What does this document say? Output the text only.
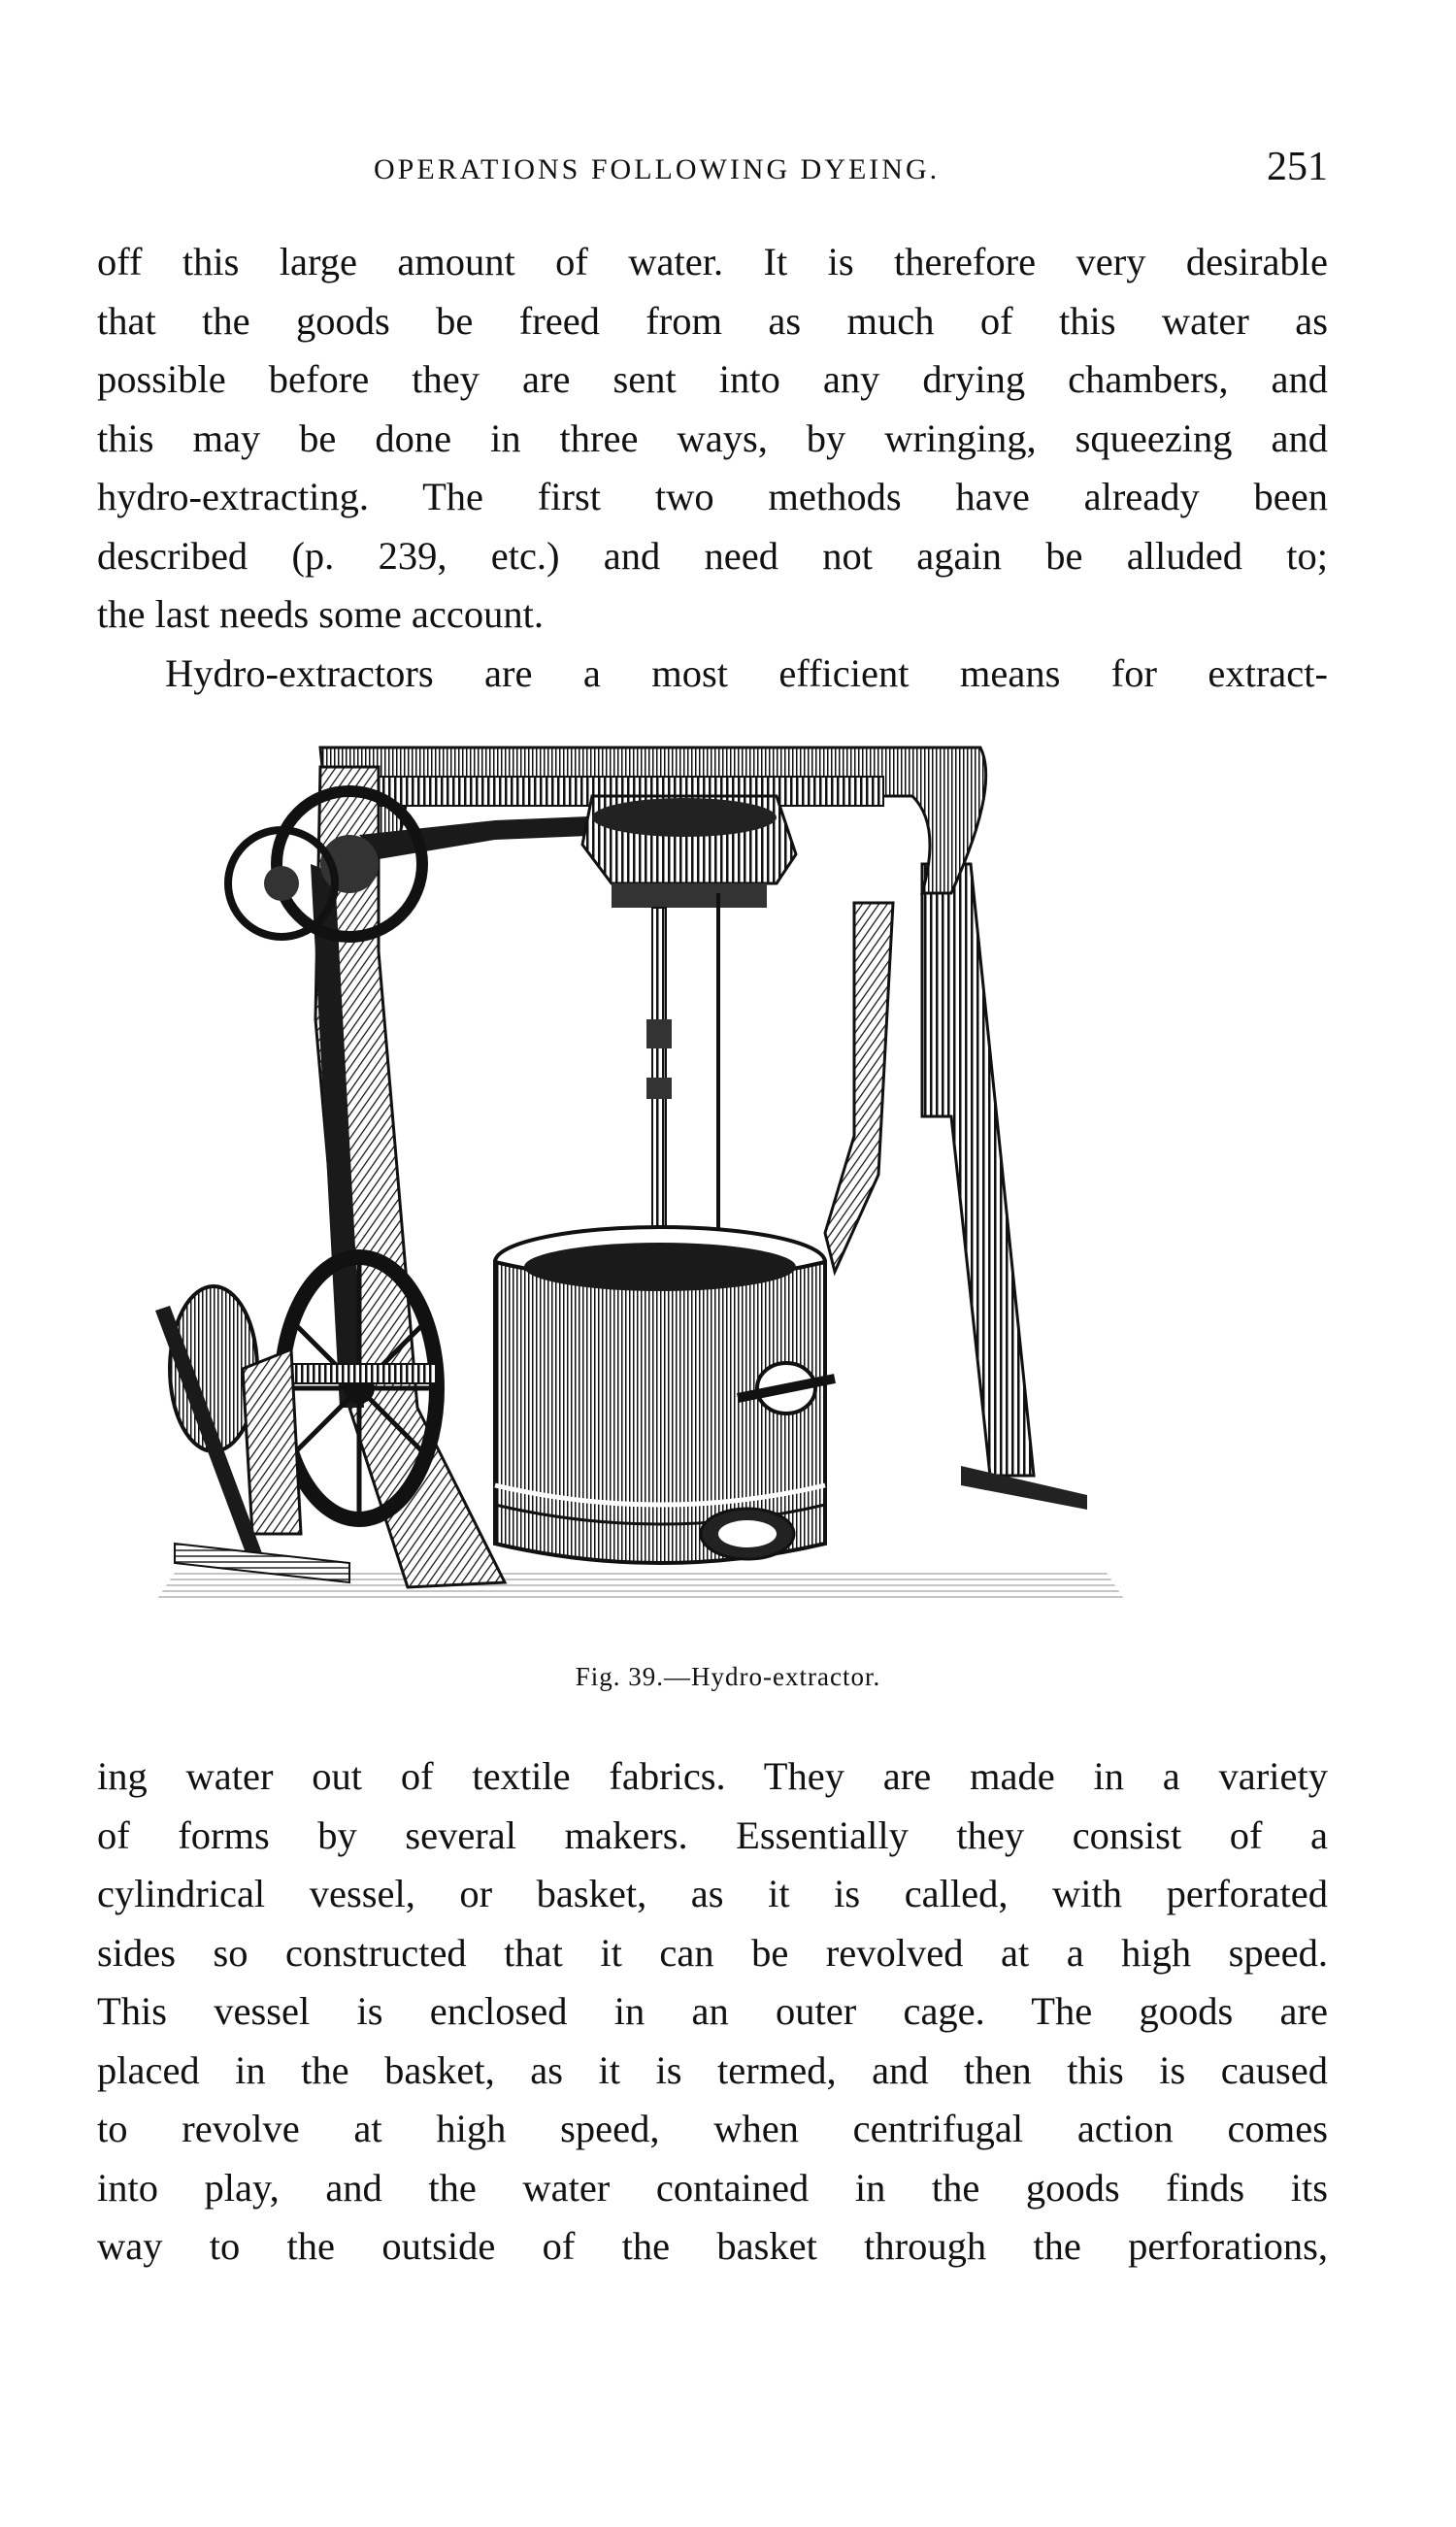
OPERATIONS FOLLOWING DYEING.	251
off this large amount of water. It is therefore very desirable
that the goods be freed from as much of this water as
possible before they are sent into any drying chambers, and
this may be done in three ways, by wringing, squeezing and
hydro-extracting. The first two methods have already been
described (p. 239, etc.) and need not again be alluded to;
the last needs some account.
Hydro-extractors are a most efficient means for extract-
Fig. 39.—Hydro-extractor.
ing water out of textile fabrics. They are made in a variety
of forms by several makers. Essentially they consist of a
cylindrical vessel, or basket, as it is called, with perforated
sides so constructed that it can be revolved at a high speed.
This vessel is enclosed in an outer cage. The goods are
placed in the basket, as it is termed, and then this is caused
to revolve at high speed, when centrifugal action comes
into play, and the water contained in the goods finds its
way to the outside of the basket through the perforations,
